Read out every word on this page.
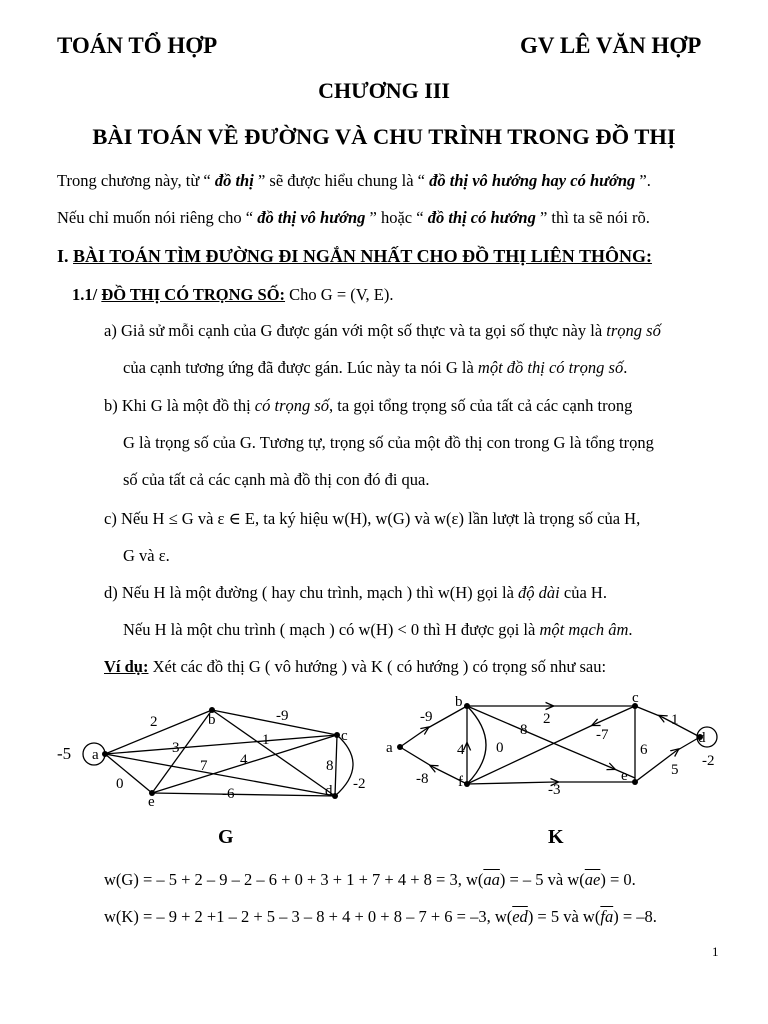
TOÁN TỔ HỢP	GV LÊ VĂN HỢP
CHƯƠNG III
BÀI TOÁN VỀ ĐƯỜNG VÀ CHU TRÌNH TRONG ĐỒ THỊ
Trong chương này, từ “ đồ thị ” sẽ được hiểu chung là “ đồ thị vô hướng hay có hướng ”.
Nếu chỉ muốn nói riêng cho “ đồ thị vô hướng ” hoặc “ đồ thị có hướng ” thì ta sẽ nói rõ.
I. BÀI TOÁN TÌM ĐƯỜNG ĐI NGẮN NHẤT CHO ĐỒ THỊ LIÊN THÔNG:
1.1/ ĐỒ THỊ CÓ TRỌNG SỐ: Cho G = (V, E).
a) Giả sử mỗi cạnh của G được gán với một số thực và ta gọi số thực này là trọng số
của cạnh tương ứng đã được gán. Lúc này ta nói G là một đồ thị có trọng số.
b) Khi G là một đồ thị có trọng số, ta gọi tổng trọng số của tất cả các cạnh trong
G là trọng số của G. Tương tự, trọng số của một đồ thị con trong G là tổng trọng
số của tất cả các cạnh mà đồ thị con đó đi qua.
c) Nếu H ≤ G và ε ∈ E, ta ký hiệu w(H), w(G) và w(ε) lần lượt là trọng số của H,
G và ε.
d) Nếu H là một đường ( hay chu trình, mạch ) thì w(H) gọi là độ dài của H.
Nếu H là một chu trình ( mạch ) có w(H) < 0 thì H được gọi là một mạch âm.
Ví dụ: Xét các đồ thị G ( vô hướng ) và K ( có hướng ) có trọng số như sau:
a
b
c
d
e
-5
2	-9
3	1
7 4	8
0
-6
-2
a
b	c
d
e
f
-9	2
8	-7
1
4 0	6
-8
-3
5
-2
G	K
w(G) = – 5 + 2 – 9 – 2 – 6 + 0 + 3 + 1 + 7 + 4 + 8 = 3, $w(\overline{aa})$ = – 5 và $w(\overline{ae}) = 0$.
w(K) = – 9 + 2 +1 – 2 + 5 – 3 – 8 + 4 + 0 + 8 – 7 + 6 = –3, $w(\overline{ed}) = 5$ và $w(\overline{fa}) = -8$.
1
